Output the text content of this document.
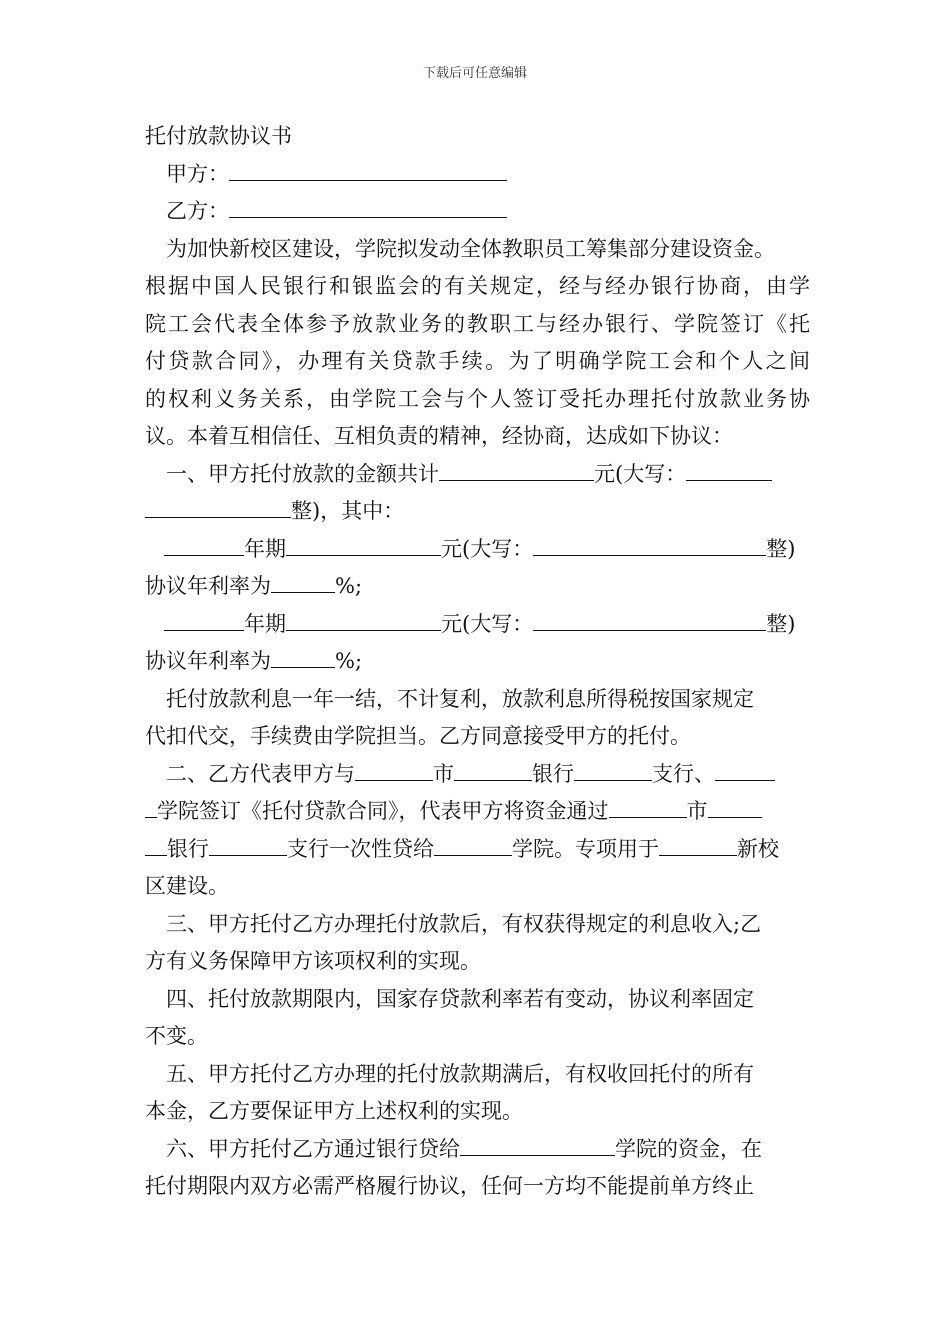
下载后可任意编辑
托付放款协议书
甲方：
乙方：
为加快新校区建设，学院拟发动全体教职员工筹集部分建设资金。
根据中国人民银行和银监会的有关规定，经与经办银行协商，由学
院工会代表全体参予放款业务的教职工与经办银行、学院签订《托
付贷款合同》，办理有关贷款手续。为了明确学院工会和个人之间
的权利义务关系，由学院工会与个人签订受托办理托付放款业务协
议。本着互相信任、互相负责的精神，经协商，达成如下协议：
一、甲方托付放款的金额共计	元(大写：
整)，其中：
年期	元(大写：	整)
协议年利率为	%;
年期	元(大写：	整)
协议年利率为	%;
托付放款利息一年一结，不计复利，放款利息所得税按国家规定
代扣代交，手续费由学院担当。乙方同意接受甲方的托付。
二、乙方代表甲方与	市	银行	支行、
学院签订《托付贷款合同》，代表甲方将资金通过	市
银行	支行一次性贷给	学院。专项用于	新校
区建设。
三、甲方托付乙方办理托付放款后，有权获得规定的利息收入;乙
方有义务保障甲方该项权利的实现。
四、托付放款期限内，国家存贷款利率若有变动，协议利率固定
不变。
五、甲方托付乙方办理的托付放款期满后，有权收回托付的所有
本金，乙方要保证甲方上述权利的实现。
六、甲方托付乙方通过银行贷给	学院的资金，在
托付期限内双方必需严格履行协议，任何一方均不能提前单方终止
